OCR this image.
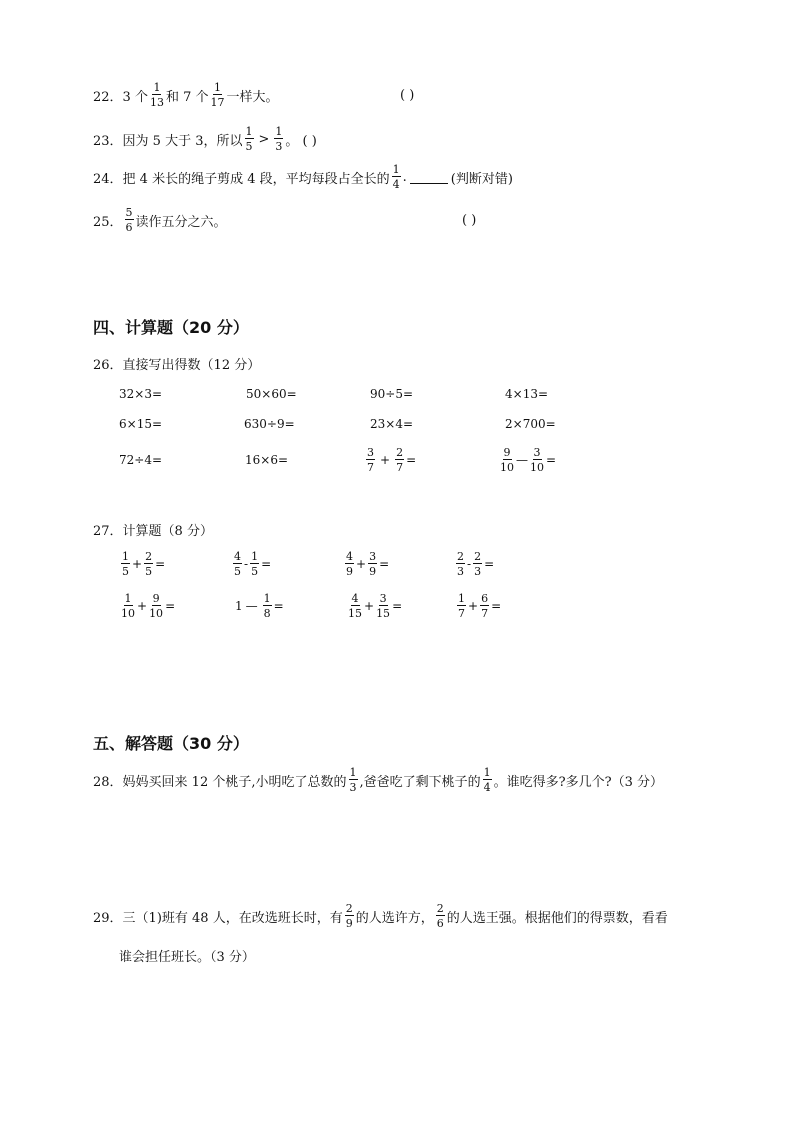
22． 3 个 $\frac{1}{13}$ 和 7 个 $\frac{1}{17}$ 一样大。	( )
23． 因为 5 大于 3，所以 $\frac{1}{5} > \frac{1}{3}$ 。 ( )
24． 把 4 米长的绳子剪成 4 段，平均每段占全长的 $\frac{1}{4}$ .	(判断对错)
25． $\frac{5}{6}$ 读作五分之六。	( )
四、计算题（20 分）
26．直接写出得数（12 分）
32×3=	50×60=	90÷5=	4×13=
6×15=	630÷9=	23×4=	2×700=
72÷4=	16×6=	$\frac{3}{7} + \frac{2}{7}$ =	$\frac{9}{10}$ — $\frac{3}{10}$ =
27．计算题（8 分）
$\frac{1}{5} + \frac{2}{5}$ =	$\frac{4}{5} - \frac{1}{5}$ =	$\frac{4}{9} + \frac{3}{9}$ =	$\frac{2}{3} - \frac{2}{3}$ =
$\frac{1}{10} + \frac{9}{10}$ =	1 — $\frac{1}{8}$ =	$\frac{4}{15} + \frac{3}{15}$ =	$\frac{1}{7} + \frac{6}{7}$ =
五、解答题（30 分）
28． 妈妈买回来 12 个桃子,小明吃了总数的 $\frac{1}{3}$ ,爸爸吃了剩下桃子的 $\frac{1}{4}$ 。谁吃得多?多几个?（3 分）
29． 三（1)班有 48 人，在改选班长时，有 $\frac{2}{9}$ 的人选许方， $\frac{2}{6}$ 的人选王强。根据他们的得票数，看看
谁会担任班长。（3 分）
